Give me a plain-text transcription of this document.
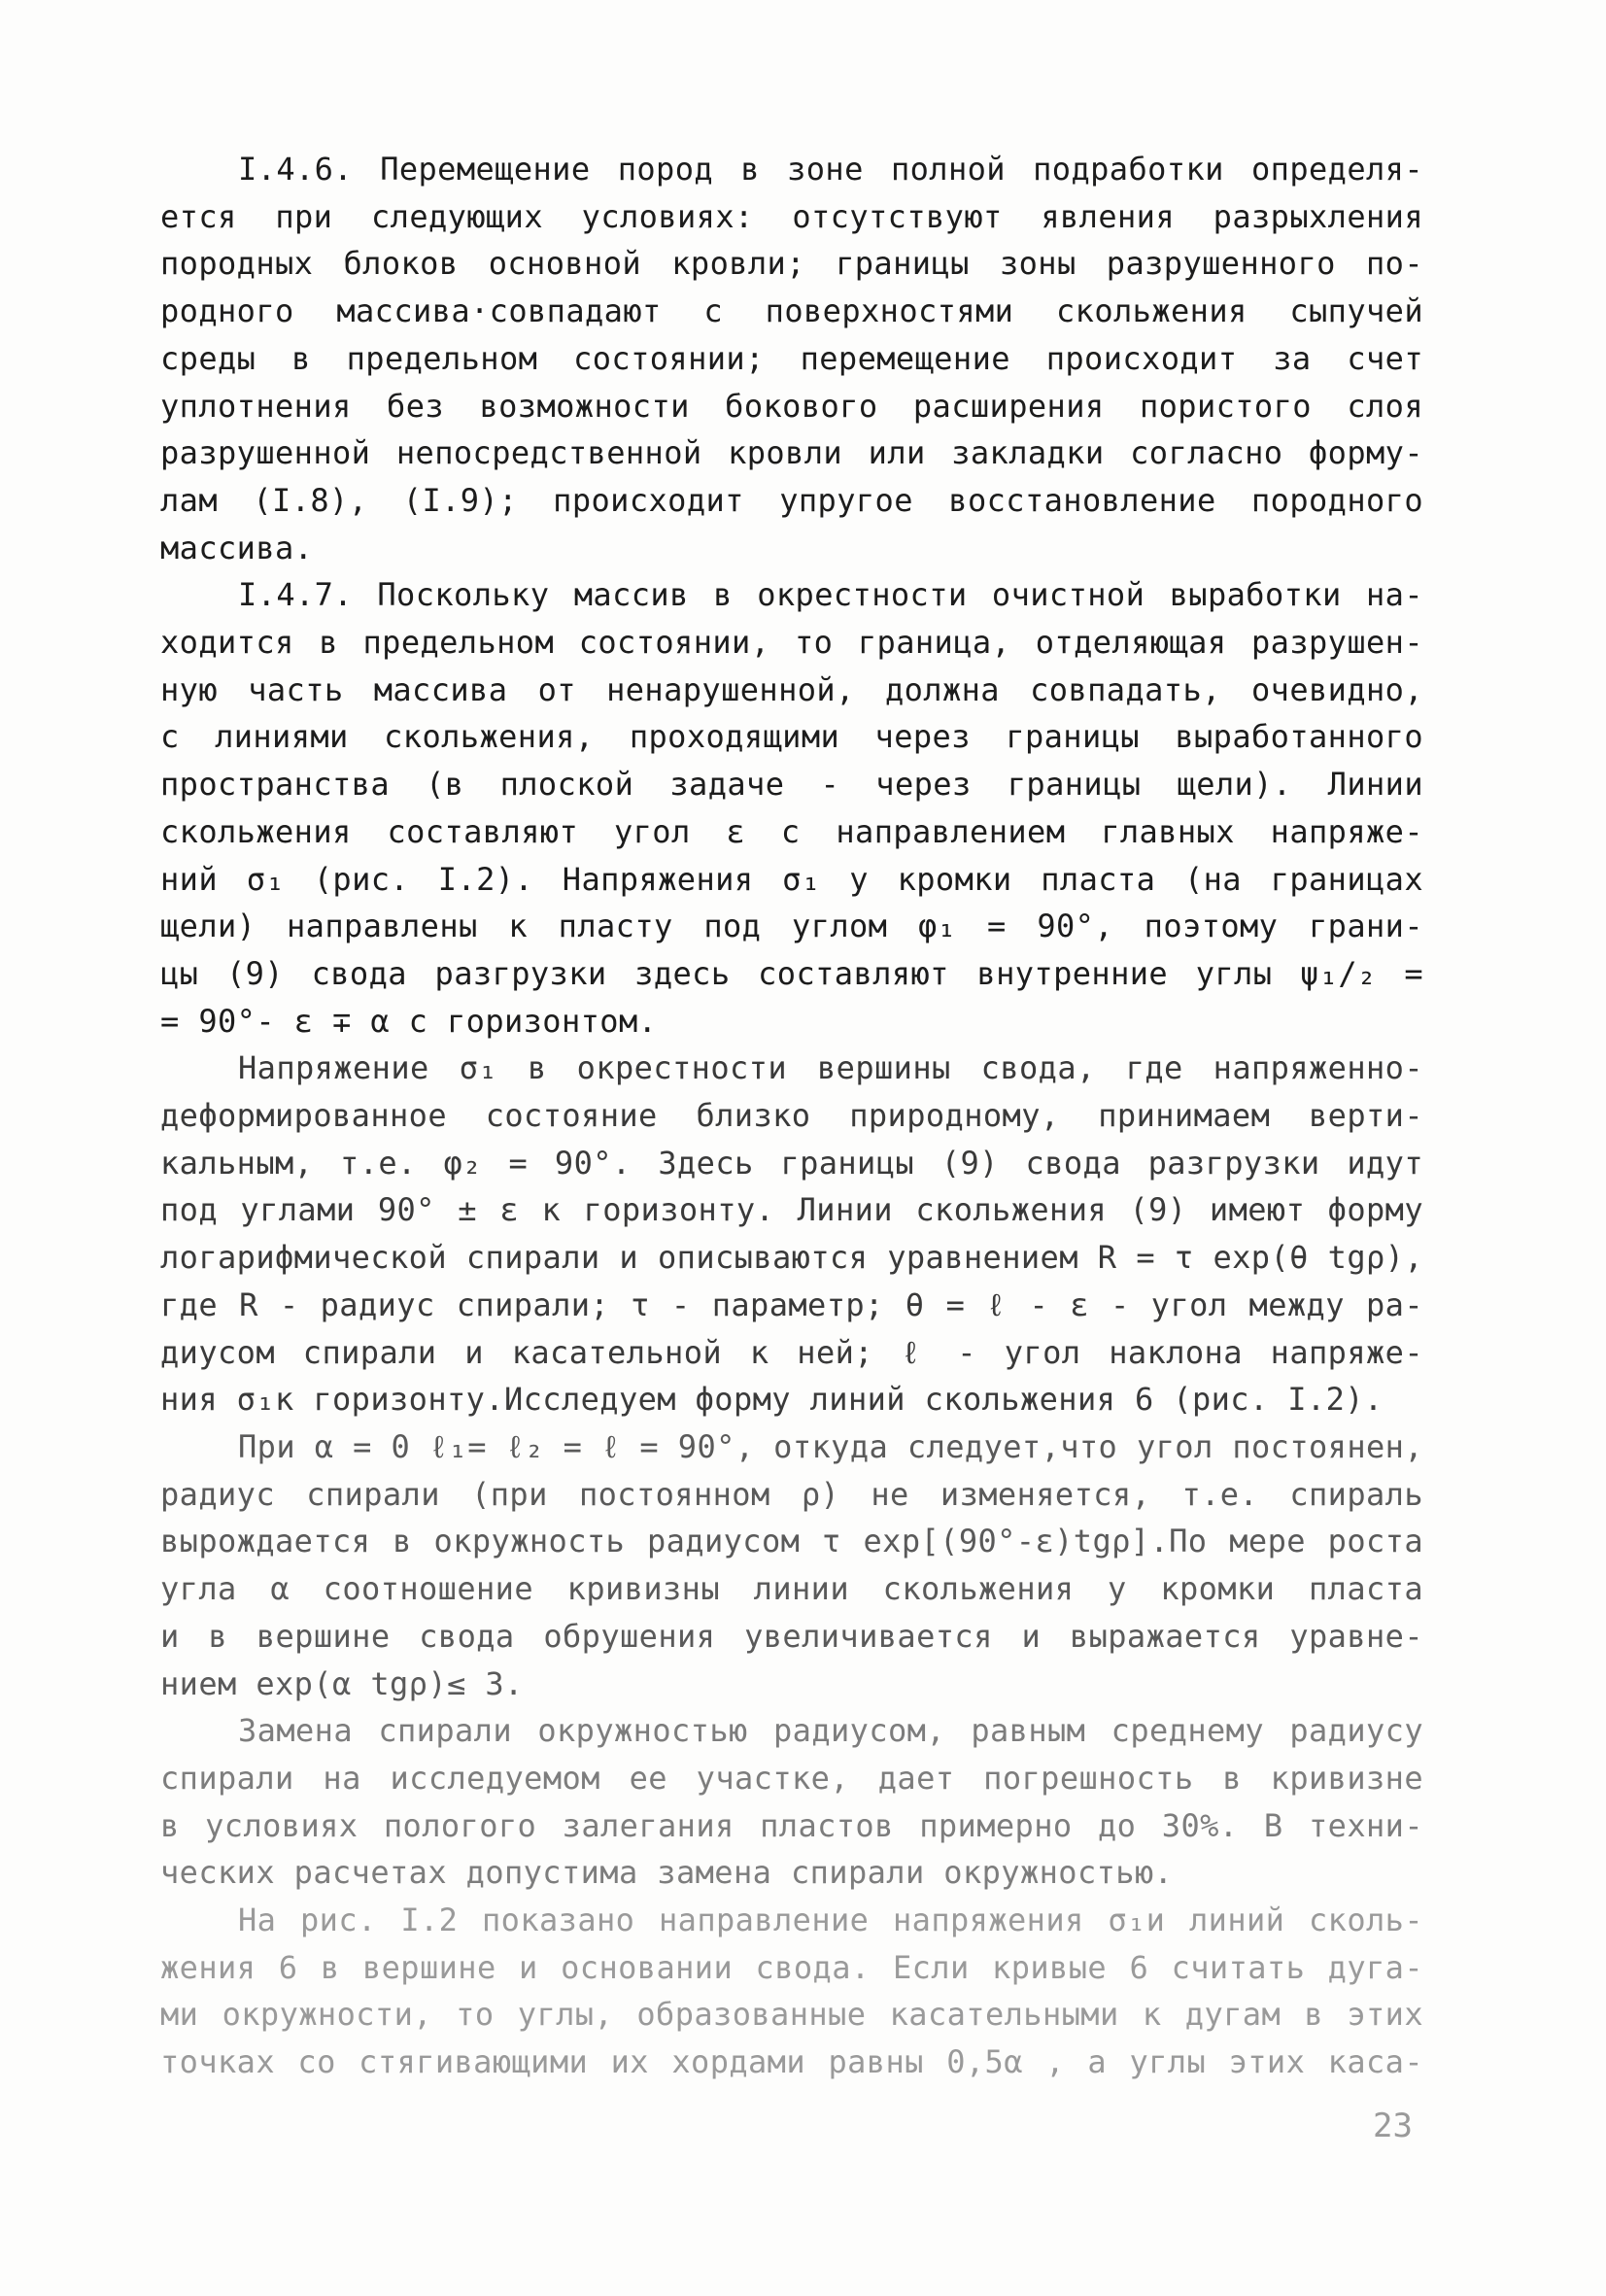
I.4.6. Перемещение пород в зоне полной подработки определя-
ется при следующих условиях: отсутствуют явления разрыхления
породных блоков основной кровли; границы зоны разрушенного по-
родного массива·совпадают с поверхностями скольжения сыпучей
среды в предельном состоянии; перемещение происходит за счет
уплотнения без возможности боковогo расширения пористого слоя
разрушенной непосредственной кровли или закладки согласно форму-
лам (I.8), (I.9); происходит упругое восстановление породного
массива.

I.4.7. Поскольку массив в окрестности очистной выработки на-
ходится в предельном состоянии, то граница, отделяющая разрушен-
ную часть массива от ненарушенной, должна совпадать, очевидно,
с линиями скольжения, проходящими через границы выработанного
пространства (в плоской задаче - через границы щели). Линии
скольжения составляют угол ε с направлением главных напряже-
ний σ₁ (рис. I.2). Напряжения σ₁ у кромки пласта (на границах
щели) направлены к пласту под углом φ₁ = 90°, поэтому грани-
цы (9) свода разгрузки здесь составляют внутренние углы ψ₁/₂ =
= 90°- ε ∓ α с горизонтом.

Напряжение σ₁ в окрестности вершины свода, где напряженно-
деформированное состояние близко природному, принимаем верти-
кальным, т.е. φ₂ = 90°. Здесь границы (9) свода разгрузки идут
под углами 90° ± ε к горизонту. Линии скольжения (9) имеют форму
логарифмической спирали и описываются уравнением R = τ exp(θ tgρ),
где R - радиус спирали; τ - параметр; θ = ℓ - ε - угол между ра-
диусом спирали и касательной к ней; ℓ - угол наклона напряже-
ния σ₁к горизонту.Исследуем форму линий скольжения 6 (рис. I.2).

При α = 0 ℓ₁= ℓ₂ = ℓ = 90°, откуда следует,что угол постоянен,
радиус спирали (при постоянном ρ) не изменяется, т.е. спираль
вырождается в окружность радиусом τ exp[(90°-ε)tgρ].По мере роста
угла α соотношение кривизны линии скольжения у кромки пласта
и в вершине свода обрушения увеличивается и выражается уравне-
нием exp(α tgρ)≤ 3.

Замена спирали окружностью радиусом, равным среднему радиусу
спирали на исследуемом ее участке, дает погрешность в кривизне
в условиях пологого залегания пластов примерно до 30%. В техни-
ческих расчетах допустима замена спирали окружностью.

На рис. I.2 показано направление напряжения σ₁и линий сколь-
жения 6 в вершине и основании свода. Если кривые 6 считать дуга-
ми окружности, то углы, образованные касательными к дугам в этих
точках со стягивающими их хордами равны 0,5α , а углы этих каса-

23
